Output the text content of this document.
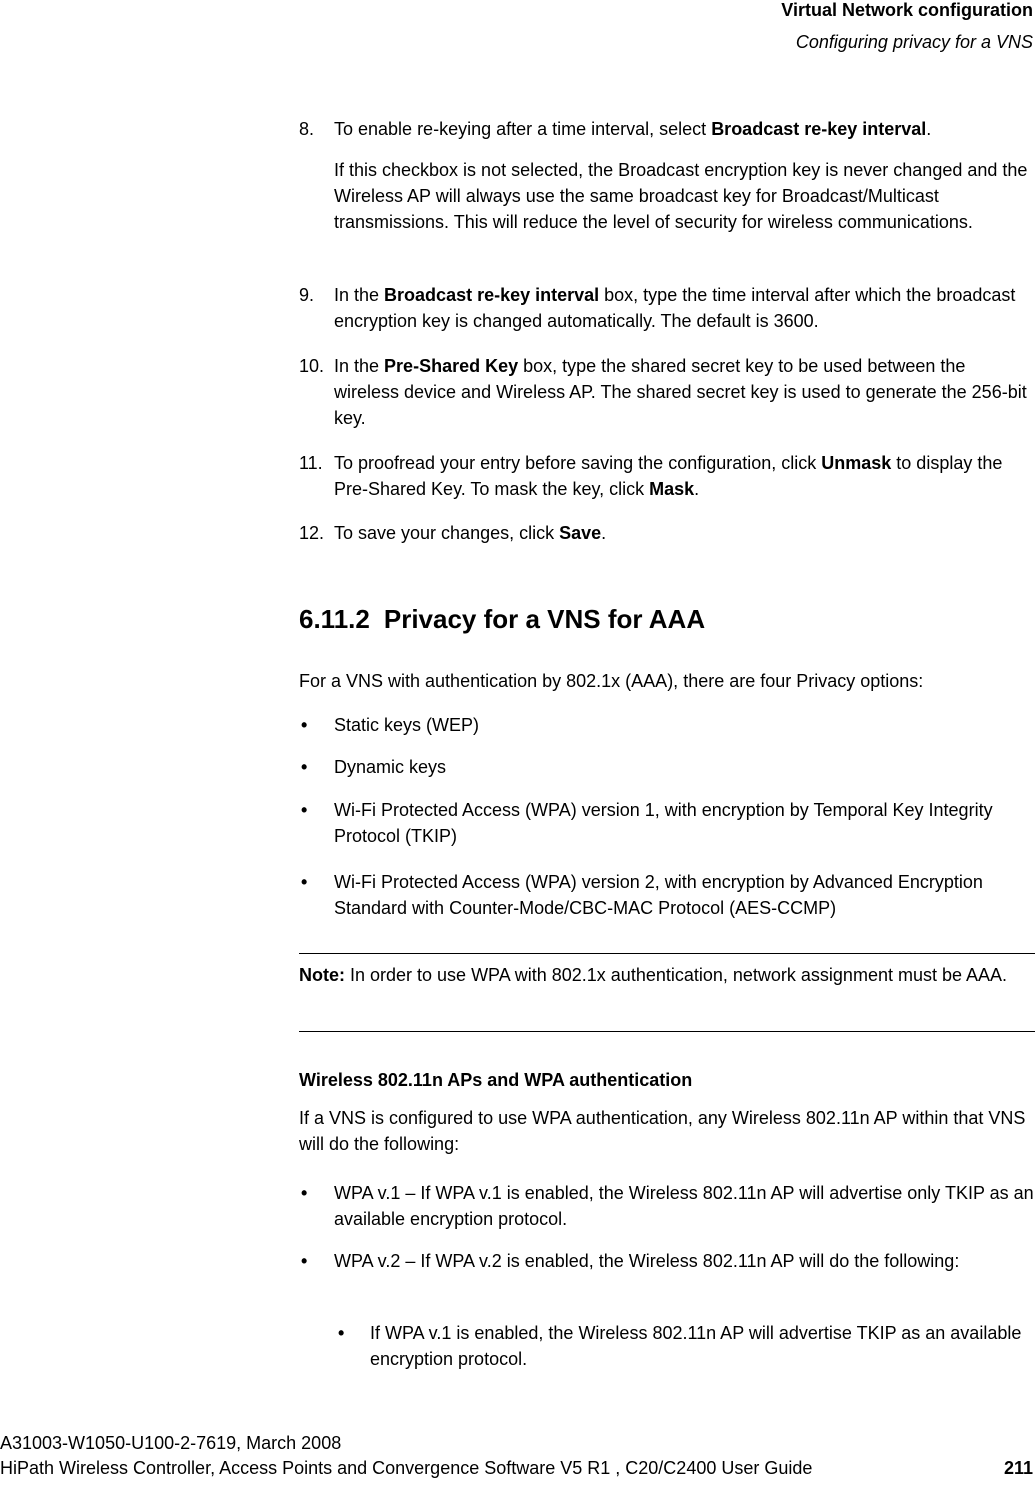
Virtual Network configuration
Configuring privacy for a VNS
8. To enable re-keying after a time interval, select Broadcast re-key interval.
If this checkbox is not selected, the Broadcast encryption key is never changed and the Wireless AP will always use the same broadcast key for Broadcast/Multicast transmissions. This will reduce the level of security for wireless communications.
9. In the Broadcast re-key interval box, type the time interval after which the broadcast encryption key is changed automatically. The default is 3600.
10. In the Pre-Shared Key box, type the shared secret key to be used between the wireless device and Wireless AP. The shared secret key is used to generate the 256-bit key.
11. To proofread your entry before saving the configuration, click Unmask to display the Pre-Shared Key. To mask the key, click Mask.
12. To save your changes, click Save.
6.11.2 Privacy for a VNS for AAA
For a VNS with authentication by 802.1x (AAA), there are four Privacy options:
• Static keys (WEP)
• Dynamic keys
• Wi-Fi Protected Access (WPA) version 1, with encryption by Temporal Key Integrity Protocol (TKIP)
• Wi-Fi Protected Access (WPA) version 2, with encryption by Advanced Encryption Standard with Counter-Mode/CBC-MAC Protocol (AES-CCMP)
Note: In order to use WPA with 802.1x authentication, network assignment must be AAA.
Wireless 802.11n APs and WPA authentication
If a VNS is configured to use WPA authentication, any Wireless 802.11n AP within that VNS will do the following:
• WPA v.1 – If WPA v.1 is enabled, the Wireless 802.11n AP will advertise only TKIP as an available encryption protocol.
• WPA v.2 – If WPA v.2 is enabled, the Wireless 802.11n AP will do the following:
• If WPA v.1 is enabled, the Wireless 802.11n AP will advertise TKIP as an available encryption protocol.
A31003-W1050-U100-2-7619, March 2008
HiPath Wireless Controller, Access Points and Convergence Software V5 R1 , C20/C2400 User Guide	211
